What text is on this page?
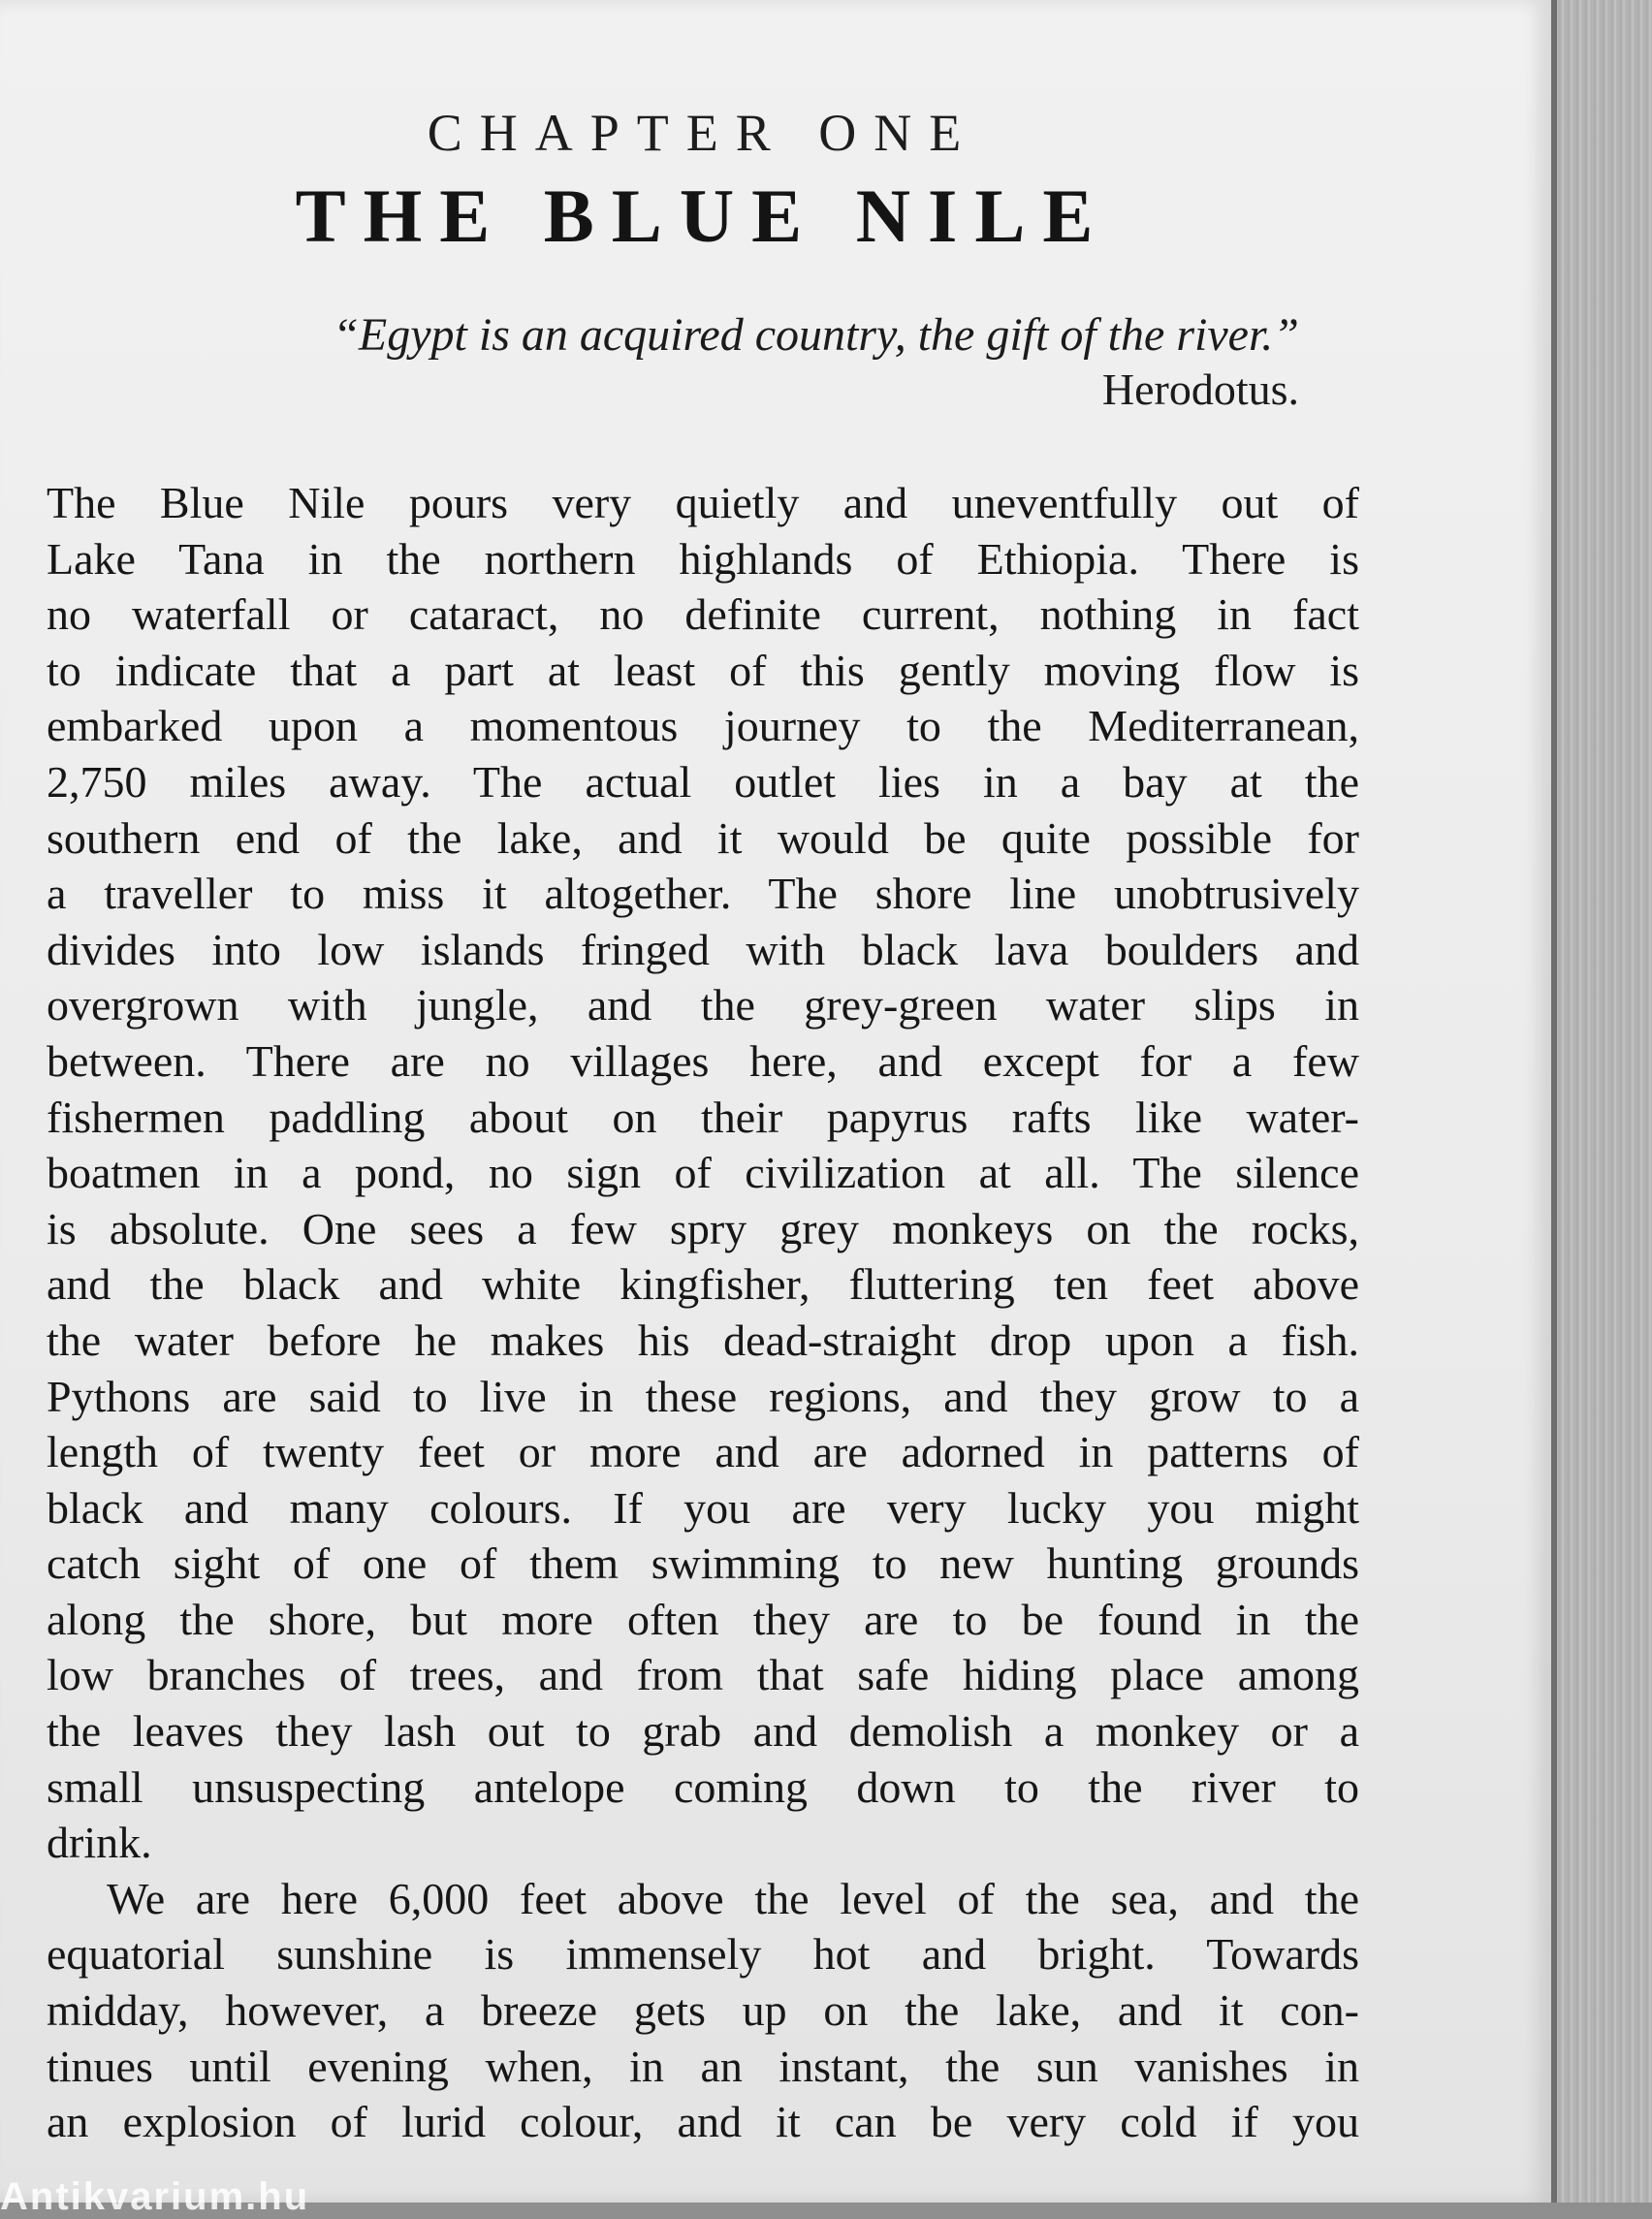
CHAPTER ONE
THE BLUE NILE
“Egypt is an acquired country, the gift of the river.”
Herodotus.
The Blue Nile pours very quietly and uneventfully out of
Lake Tana in the northern highlands of Ethiopia. There is
no waterfall or cataract, no definite current, nothing in fact
to indicate that a part at least of this gently moving flow is
embarked upon a momentous journey to the Mediterranean,
2,750 miles away. The actual outlet lies in a bay at the
southern end of the lake, and it would be quite possible for
a traveller to miss it altogether. The shore line unobtrusively
divides into low islands fringed with black lava boulders and
overgrown with jungle, and the grey-green water slips in
between. There are no villages here, and except for a few
fishermen paddling about on their papyrus rafts like water-
boatmen in a pond, no sign of civilization at all. The silence
is absolute. One sees a few spry grey monkeys on the rocks,
and the black and white kingfisher, fluttering ten feet above
the water before he makes his dead-straight drop upon a fish.
Pythons are said to live in these regions, and they grow to a
length of twenty feet or more and are adorned in patterns of
black and many colours. If you are very lucky you might
catch sight of one of them swimming to new hunting grounds
along the shore, but more often they are to be found in the
low branches of trees, and from that safe hiding place among
the leaves they lash out to grab and demolish a monkey or a
small unsuspecting antelope coming down to the river to
drink.
We are here 6,000 feet above the level of the sea, and the
equatorial sunshine is immensely hot and bright. Towards
midday, however, a breeze gets up on the lake, and it con-
tinues until evening when, in an instant, the sun vanishes in
an explosion of lurid colour, and it can be very cold if you
Antikvarium.hu
